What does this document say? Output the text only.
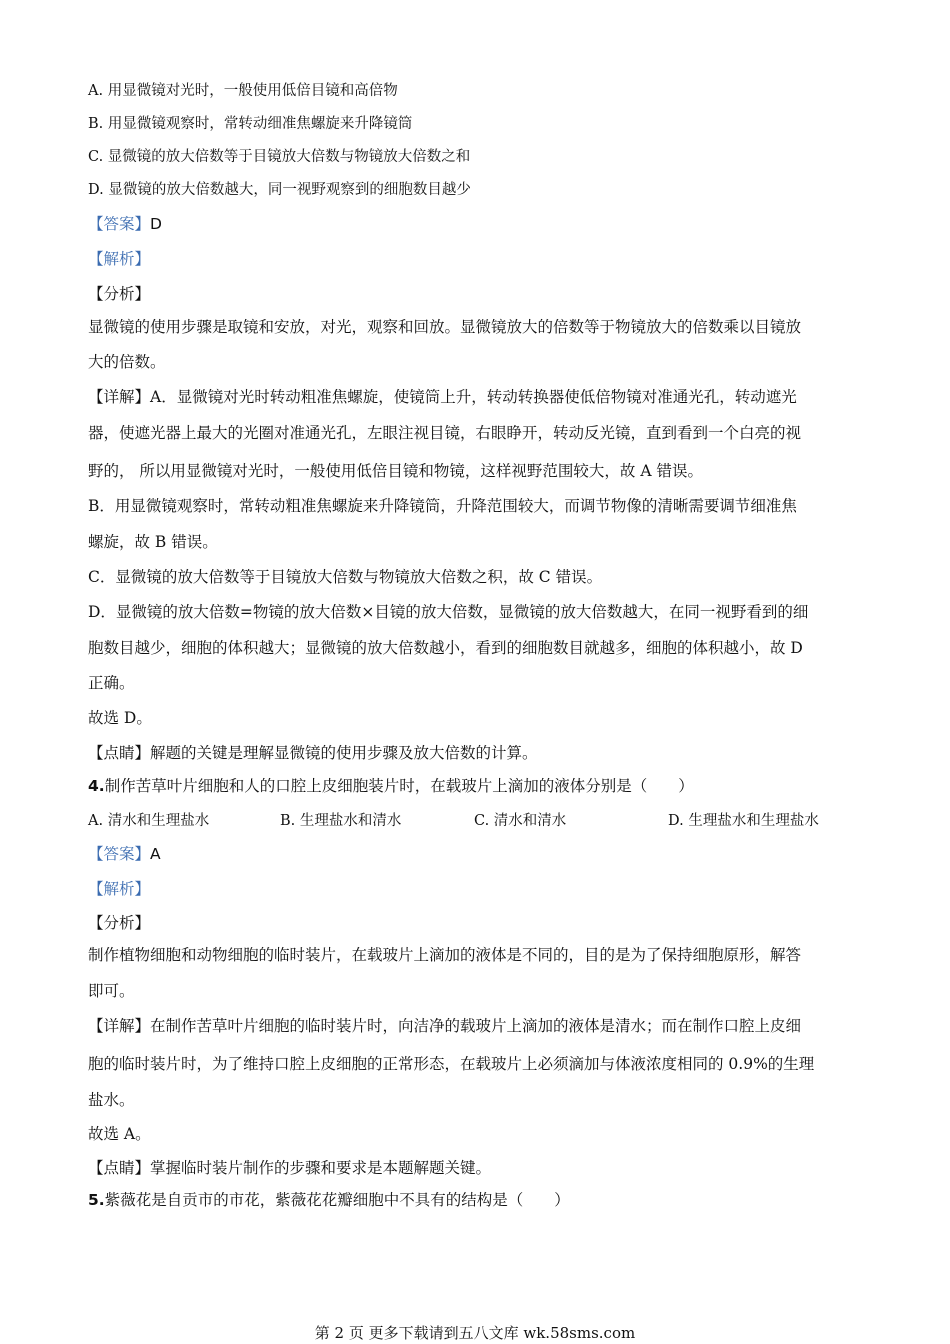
A. 用显微镜对光时，一般使用低倍目镜和高倍物
B. 用显微镜观察时，常转动细准焦螺旋来升降镜筒
C. 显微镜的放大倍数等于目镜放大倍数与物镜放大倍数之和
D. 显微镜的放大倍数越大，同一视野观察到的细胞数目越少
【答案】D
【解析】
【分析】
显微镜的使用步骤是取镜和安放，对光，观察和回放。显微镜放大的倍数等于物镜放大的倍数乘以目镜放
大的倍数。
【详解】A．显微镜对光时转动粗准焦螺旋，使镜筒上升，转动转换器使低倍物镜对准通光孔，转动遮光
器，使遮光器上最大的光圈对准通光孔，左眼注视目镜，右眼睁开，转动反光镜，直到看到一个白亮的视
野的， 所以用显微镜对光时，一般使用低倍目镜和物镜，这样视野范围较大，故 A 错误。
B．用显微镜观察时，常转动粗准焦螺旋来升降镜筒，升降范围较大，而调节物像的清晰需要调节细准焦
螺旋，故 B 错误。
C．显微镜的放大倍数等于目镜放大倍数与物镜放大倍数之积，故 C 错误。
D．显微镜的放大倍数=物镜的放大倍数×目镜的放大倍数，显微镜的放大倍数越大，在同一视野看到的细
胞数目越少，细胞的体积越大；显微镜的放大倍数越小，看到的细胞数目就越多，细胞的体积越小，故 D
正确。
故选 D。
【点睛】解题的关键是理解显微镜的使用步骤及放大倍数的计算。
4.制作苦草叶片细胞和人的口腔上皮细胞装片时，在载玻片上滴加的液体分别是（　　）
A. 清水和生理盐水	B. 生理盐水和清水	C. 清水和清水	D. 生理盐水和生理盐水
【答案】A
【解析】
【分析】
制作植物细胞和动物细胞的临时装片，在载玻片上滴加的液体是不同的，目的是为了保持细胞原形，解答
即可。
【详解】在制作苦草叶片细胞的临时装片时，向洁净的载玻片上滴加的液体是清水；而在制作口腔上皮细
胞的临时装片时，为了维持口腔上皮细胞的正常形态，在载玻片上必须滴加与体液浓度相同的 0.9%的生理
盐水。
故选 A。
【点睛】掌握临时装片制作的步骤和要求是本题解题关键。
5.紫薇花是自贡市的市花，紫薇花花瓣细胞中不具有的结构是（　　）
第 2 页 更多下载请到五八文库 wk.58sms.com
